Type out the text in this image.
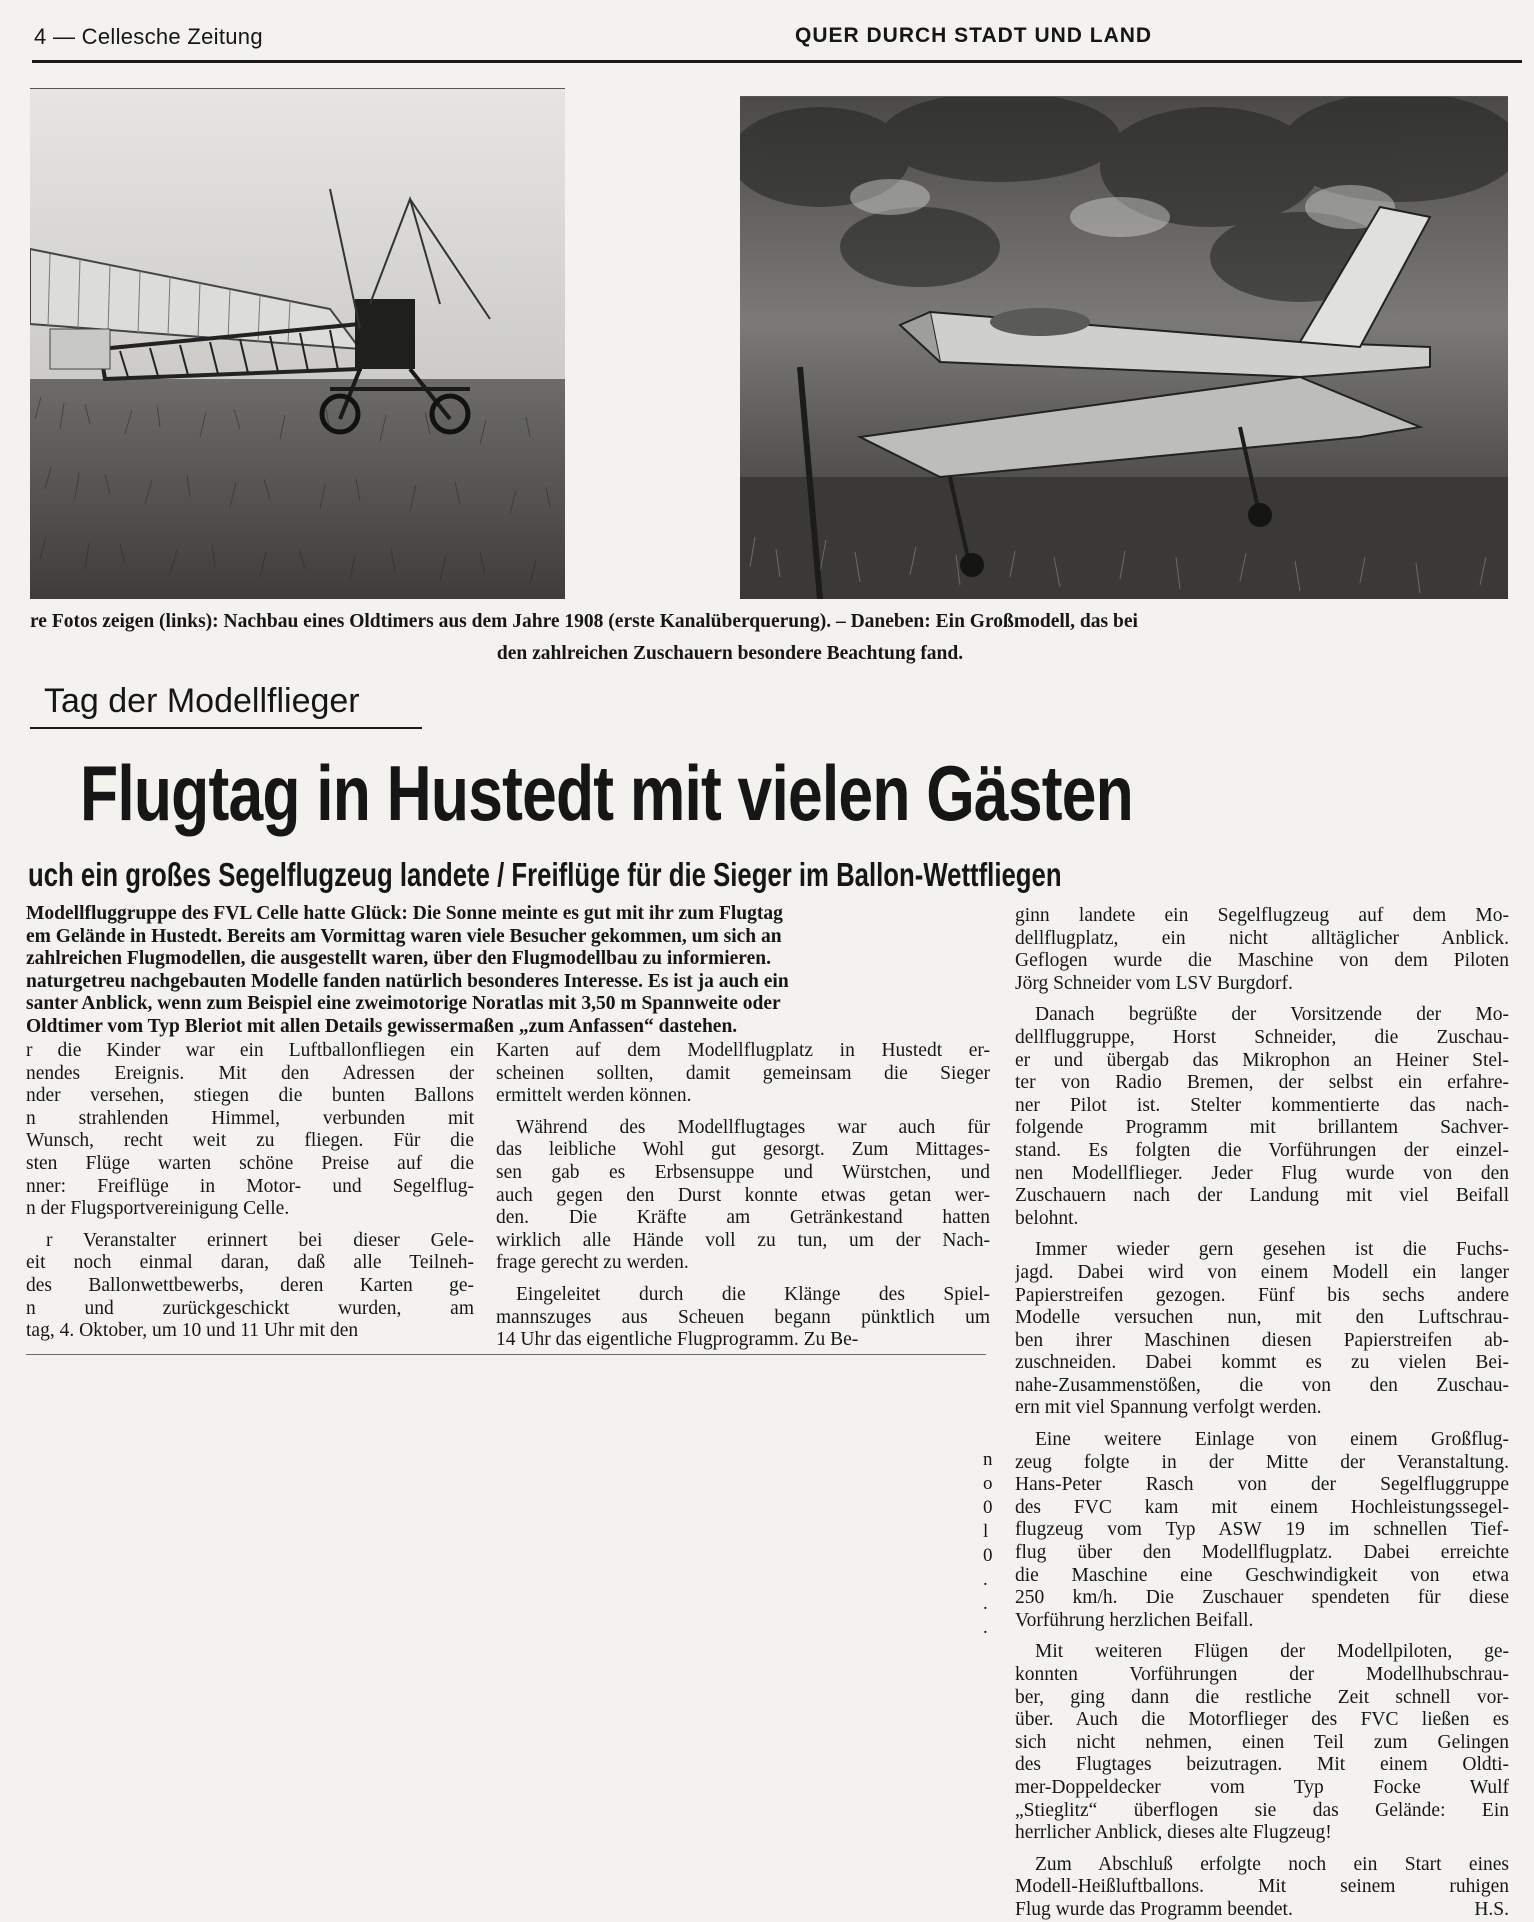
4 — Cellesche Zeitung	QUER DURCH STADT UND LAND
re Fotos zeigen (links): Nachbau eines Oldtimers aus dem Jahre 1908 (erste Kanalüberquerung). – Daneben: Ein Großmodell, das bei
den zahlreichen Zuschauern besondere Beachtung fand.
Tag der Modellflieger
Flugtag in Hustedt mit vielen Gästen
uch ein großes Segelflugzeug landete / Freiflüge für die Sieger im Ballon-Wettfliegen
Modellfluggruppe des FVL Celle hatte Glück: Die Sonne meinte es gut mit ihr zum Flugtag
em Gelände in Hustedt. Bereits am Vormittag waren viele Besucher gekommen, um sich an
zahlreichen Flugmodellen, die ausgestellt waren, über den Flugmodellbau zu informieren.
naturgetreu nachgebauten Modelle fanden natürlich besonderes Interesse. Es ist ja auch ein
santer Anblick, wenn zum Beispiel eine zweimotorige Noratlas mit 3,50 m Spannweite oder
Oldtimer vom Typ Bleriot mit allen Details gewissermaßen „zum Anfassen“ dastehen.
r die Kinder war ein Luftballonfliegen ein
nendes Ereignis. Mit den Adressen der
nder versehen, stiegen die bunten Ballons
n strahlenden Himmel, verbunden mit
Wunsch, recht weit zu fliegen. Für die
sten Flüge warten schöne Preise auf die
nner: Freiflüge in Motor- und Segelflug-
n der Flugsportvereinigung Celle.
r Veranstalter erinnert bei dieser Gele-
eit noch einmal daran, daß alle Teilneh-
des Ballonwettbewerbs, deren Karten ge-
n und zurückgeschickt wurden, am
tag, 4. Oktober, um 10 und 11 Uhr mit den
Karten auf dem Modellflugplatz in Hustedt er-
scheinen sollten, damit gemeinsam die Sieger
ermittelt werden können.
Während des Modellflugtages war auch für
das leibliche Wohl gut gesorgt. Zum Mittages-
sen gab es Erbsensuppe und Würstchen, und
auch gegen den Durst konnte etwas getan wer-
den. Die Kräfte am Getränkestand hatten
wirklich alle Hände voll zu tun, um der Nach-
frage gerecht zu werden.
Eingeleitet durch die Klänge des Spiel-
mannszuges aus Scheuen begann pünktlich um
14 Uhr das eigentliche Flugprogramm. Zu Be-
ginn landete ein Segelflugzeug auf dem Mo-
dellflugplatz, ein nicht alltäglicher Anblick.
Geflogen wurde die Maschine von dem Piloten
Jörg Schneider vom LSV Burgdorf.
Danach begrüßte der Vorsitzende der Mo-
dellfluggruppe, Horst Schneider, die Zuschau-
er und übergab das Mikrophon an Heiner Stel-
ter von Radio Bremen, der selbst ein erfahre-
ner Pilot ist. Stelter kommentierte das nach-
folgende Programm mit brillantem Sachver-
stand. Es folgten die Vorführungen der einzel-
nen Modellflieger. Jeder Flug wurde von den
Zuschauern nach der Landung mit viel Beifall
belohnt.
Immer wieder gern gesehen ist die Fuchs-
jagd. Dabei wird von einem Modell ein langer
Papierstreifen gezogen. Fünf bis sechs andere
Modelle versuchen nun, mit den Luftschrau-
ben ihrer Maschinen diesen Papierstreifen ab-
zuschneiden. Dabei kommt es zu vielen Bei-
nahe-Zusammenstößen, die von den Zuschau-
ern mit viel Spannung verfolgt werden.
Eine weitere Einlage von einem Großflug-
zeug folgte in der Mitte der Veranstaltung.
Hans-Peter Rasch von der Segelfluggruppe
des FVC kam mit einem Hochleistungssegel-
flugzeug vom Typ ASW 19 im schnellen Tief-
flug über den Modellflugplatz. Dabei erreichte
die Maschine eine Geschwindigkeit von etwa
250 km/h. Die Zuschauer spendeten für diese
Vorführung herzlichen Beifall.
Mit weiteren Flügen der Modellpiloten, ge-
konnten Vorführungen der Modellhubschrau-
ber, ging dann die restliche Zeit schnell vor-
über. Auch die Motorflieger des FVC ließen es
sich nicht nehmen, einen Teil zum Gelingen
des Flugtages beizutragen. Mit einem Oldti-
mer-Doppeldecker vom Typ Focke Wulf
„Stieglitz“ überflogen sie das Gelände: Ein
herrlicher Anblick, dieses alte Flugzeug!
Zum Abschluß erfolgte noch ein Start eines
Modell-Heißluftballons. Mit seinem ruhigen
Flug wurde das Programm beendet.	H.S.
n
o
0
l
0
.
.
.
